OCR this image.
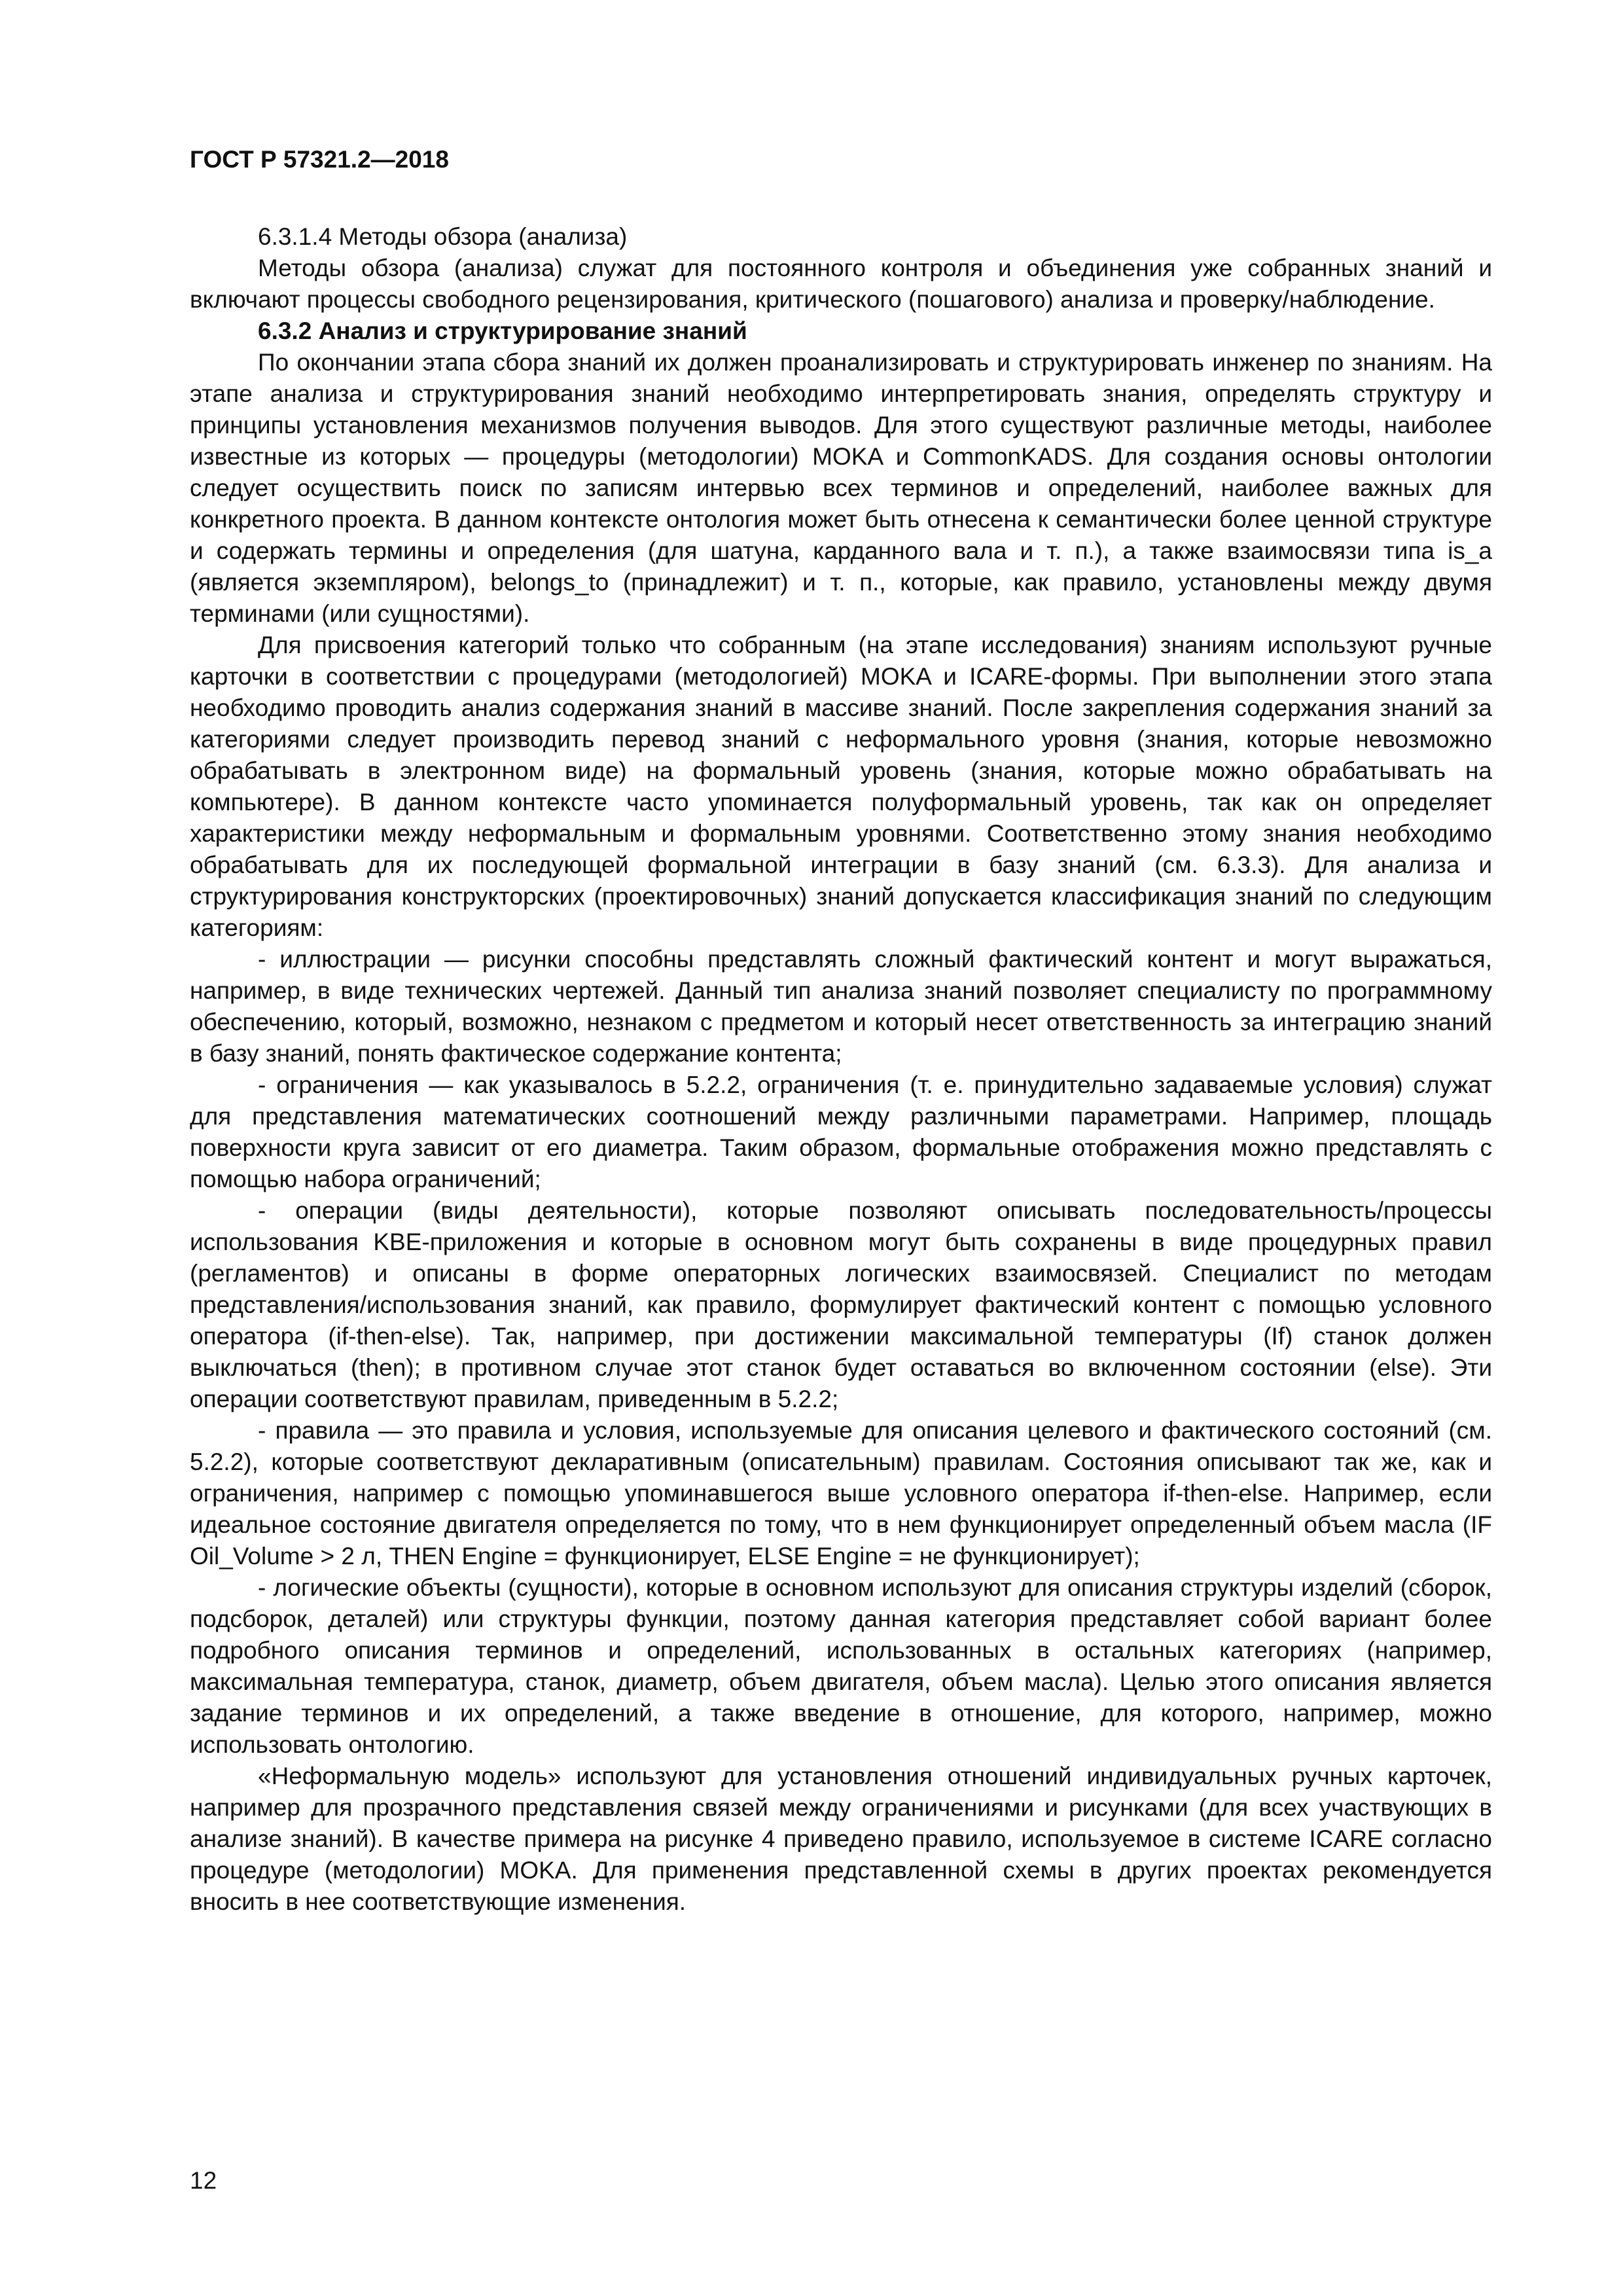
ГОСТ Р 57321.2—2018

6.3.1.4 Методы обзора (анализа)

Методы обзора (анализа) служат для постоянного контроля и объединения уже собранных знаний и включают процессы свободного рецензирования, критического (пошагового) анализа и проверку/наблюдение.

6.3.2 Анализ и структурирование знаний

По окончании этапа сбора знаний их должен проанализировать и структурировать инженер по знаниям. На этапе анализа и структурирования знаний необходимо интерпретировать знания, определять структуру и принципы установления механизмов получения выводов. Для этого существуют различные методы, наиболее известные из которых — процедуры (методологии) MOKA и CommonKADS. Для создания основы онтологии следует осуществить поиск по записям интервью всех терминов и определений, наиболее важных для конкретного проекта. В данном контексте онтология может быть отнесена к семантически более ценной структуре и содержать термины и определения (для шатуна, карданного вала и т. п.), а также взаимосвязи типа is_a (является экземпляром), belongs_to (принадлежит) и т. п., которые, как правило, установлены между двумя терминами (или сущностями).

Для присвоения категорий только что собранным (на этапе исследования) знаниям используют ручные карточки в соответствии с процедурами (методологией) MOKA и ICARE-формы. При выполнении этого этапа необходимо проводить анализ содержания знаний в массиве знаний. После закрепления содержания знаний за категориями следует производить перевод знаний с неформального уровня (знания, которые невозможно обрабатывать в электронном виде) на формальный уровень (знания, которые можно обрабатывать на компьютере). В данном контексте часто упоминается полуформальный уровень, так как он определяет характеристики между неформальным и формальным уровнями. Соответственно этому знания необходимо обрабатывать для их последующей формальной интеграции в базу знаний (см. 6.3.3). Для анализа и структурирования конструкторских (проектировочных) знаний допускается классификация знаний по следующим категориям:

- иллюстрации — рисунки способны представлять сложный фактический контент и могут выражаться, например, в виде технических чертежей. Данный тип анализа знаний позволяет специалисту по программному обеспечению, который, возможно, незнаком с предметом и который несет ответственность за интеграцию знаний в базу знаний, понять фактическое содержание контента;

- ограничения — как указывалось в 5.2.2, ограничения (т. е. принудительно задаваемые условия) служат для представления математических соотношений между различными параметрами. Например, площадь поверхности круга зависит от его диаметра. Таким образом, формальные отображения можно представлять с помощью набора ограничений;

- операции (виды деятельности), которые позволяют описывать последовательность/процессы использования KBE-приложения и которые в основном могут быть сохранены в виде процедурных правил (регламентов) и описаны в форме операторных логических взаимосвязей. Специалист по методам представления/использования знаний, как правило, формулирует фактический контент с помощью условного оператора (if-then-else). Так, например, при достижении максимальной температуры (If) станок должен выключаться (then); в противном случае этот станок будет оставаться во включенном состоянии (else). Эти операции соответствуют правилам, приведенным в 5.2.2;

- правила — это правила и условия, используемые для описания целевого и фактического состояний (см. 5.2.2), которые соответствуют декларативным (описательным) правилам. Состояния описывают так же, как и ограничения, например с помощью упоминавшегося выше условного оператора if-then-else. Например, если идеальное состояние двигателя определяется по тому, что в нем функционирует определенный объем масла (IF Oil_Volume > 2 л, THEN Engine = функционирует, ELSE Engine = не функционирует);

- логические объекты (сущности), которые в основном используют для описания структуры изделий (сборок, подсборок, деталей) или структуры функции, поэтому данная категория представляет собой вариант более подробного описания терминов и определений, использованных в остальных категориях (например, максимальная температура, станок, диаметр, объем двигателя, объем масла). Целью этого описания является задание терминов и их определений, а также введение в отношение, для которого, например, можно использовать онтологию.

«Неформальную модель» используют для установления отношений индивидуальных ручных карточек, например для прозрачного представления связей между ограничениями и рисунками (для всех участвующих в анализе знаний). В качестве примера на рисунке 4 приведено правило, используемое в системе ICARE согласно процедуре (методологии) MOKA. Для применения представленной схемы в других проектах рекомендуется вносить в нее соответствующие изменения.

12
